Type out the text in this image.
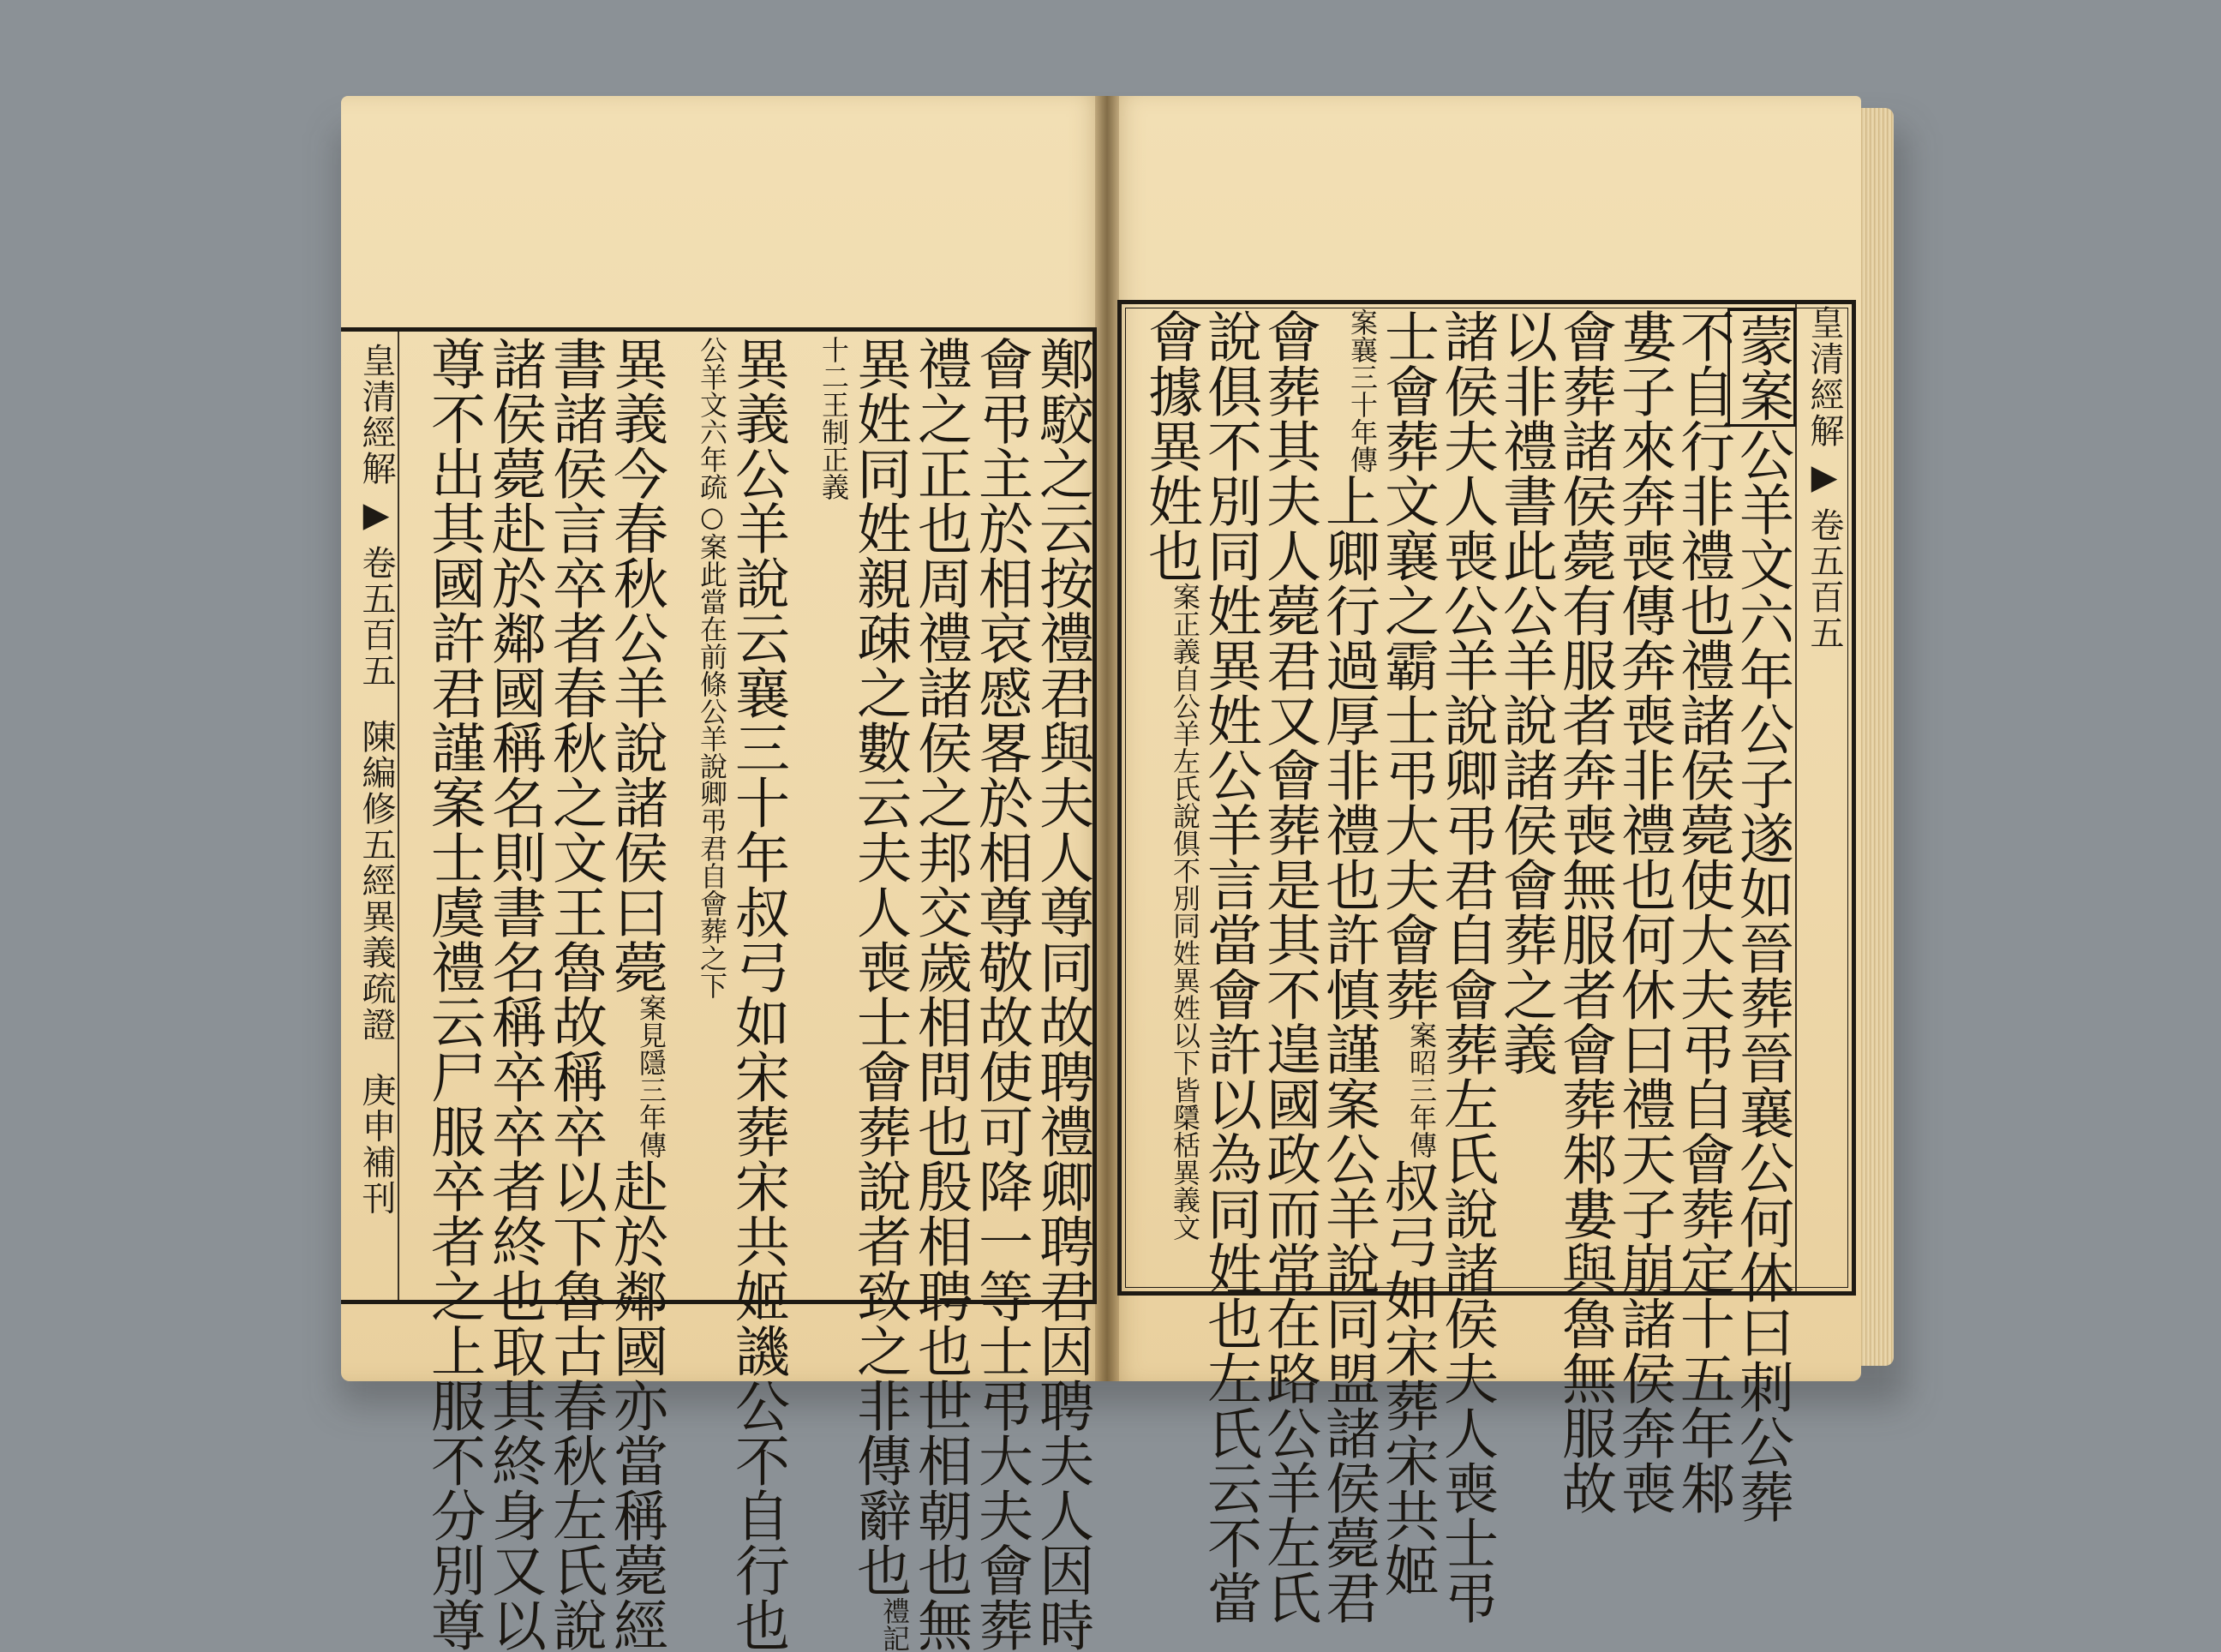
皇清經解▶卷五百五 陳編修五經異義疏證 庚申補刊
皇清經解▶卷五百五
鄭駮之云按禮君與夫人尊同故聘禮卿聘君因聘夫人因時
會弔主於相哀慼畧於相尊敬故使可降一等士弔大夫會葬
禮之正也周禮諸侯之邦交歲相問也殷相聘也世相朝也無
異姓同姓親疎之數云夫人喪士會葬說者致之非傳辭也禮記
十二王制正義
異義公羊說云襄三十年叔弓如宋葬宋共姬譏公不自行也
公羊文六年疏○案此當在前條公羊說卿弔君自會葬之下
異義今春秋公羊說諸侯曰薨案見隱三年傳赴於鄰國亦當稱薨經
書諸侯言卒者春秋之文王魯故稱卒以下魯古春秋左氏說
諸侯薨赴於鄰國稱名則書名稱卒卒者終也取其終身又以
尊不出其國許君謹案士虞禮云尸服卒者之上服不分別尊	蒙案公羊文六年公子遂如晉葬晉襄公何休曰刺公葬
不自行非禮也禮諸侯薨使大夫弔自會葬定十五年邾
婁子來奔喪傳奔喪非禮也何休曰禮天子崩諸侯奔喪
會葬諸侯薨有服者奔喪無服者會葬邾婁與魯無服故
以非禮書此公羊說諸侯會葬之義
諸侯夫人喪公羊說卿弔君自會葬左氏說諸侯夫人喪士弔
士會葬文襄之霸士弔大夫會葬案昭三年傳叔弓如宋葬宋共姬
案襄三十年傳上卿行過厚非禮也許慎謹案公羊說同盟諸侯薨君
會葬其夫人薨君又會葬是其不遑國政而常在路公羊左氏
說俱不別同姓異姓公羊言當會許以為同姓也左氏云不當
會據異姓也案正義自公羊左氏說俱不別同姓異姓以下皆檃栝異義文
